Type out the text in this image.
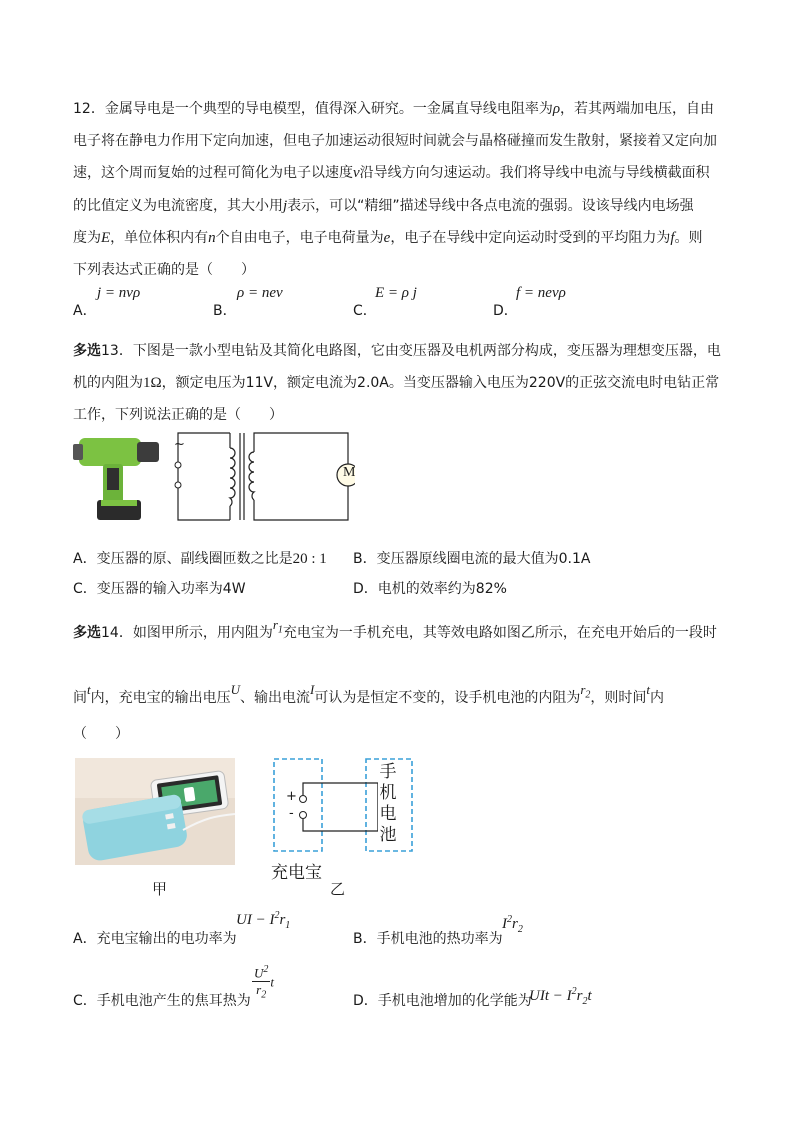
12．金属导电是一个典型的导电模型，值得深入研究。一金属直导线电阻率为ρ，若其两端加电压，自由
电子将在静电力作用下定向加速，但电子加速运动很短时间就会与晶格碰撞而发生散射，紧接着又定向加
速，这个周而复始的过程可简化为电子以速度v沿导线方向匀速运动。我们将导线中电流与导线横截面积
的比值定义为电流密度，其大小用j表示，可以“精细”描述导线中各点电流的强弱。设该导线内电场强
度为E，单位体积内有n个自由电子，电子电荷量为e，电子在导线中定向运动时受到的平均阻力为f。则
下列表达式正确的是（　　）
A．
j = nvρ
B．
ρ = nev
C．
E = ρ j
D．
f = nevρ
多选13．下图是一款小型电钻及其简化电路图，它由变压器及电机两部分构成，变压器为理想变压器，电
机的内阻为1Ω，额定电压为11V，额定电流为2.0A。当变压器输入电压为220V的正弦交流电时电钻正常
工作，下列说法正确的是（　　）
~
M
A．变压器的原、副线圈匝数之比是20 : 1 B．变压器原线圈电流的最大值为0.1A
C．变压器的输入功率为4W	D．电机的效率约为82%
多选14．如图甲所示，用内阻为$r_1$充电宝为一手机充电，其等效电路如图乙所示，在充电开始后的一段时
间t内，充电宝的输出电压U、输出电流I可认为是恒定不变的，设手机电池的内阻为$r_2$，则时间t内
（　　）
甲
+
-
手
机
电
池
充电宝
乙
A．充电宝输出的电功率为
UI − $I^2r_1$
B．手机电池的热功率为
$I^2r_2$
C．手机电池产生的焦耳热为
$\frac{U^2}{r_2}$ t
D．手机电池增加的化学能为
UIt − $I^2r_2t$
